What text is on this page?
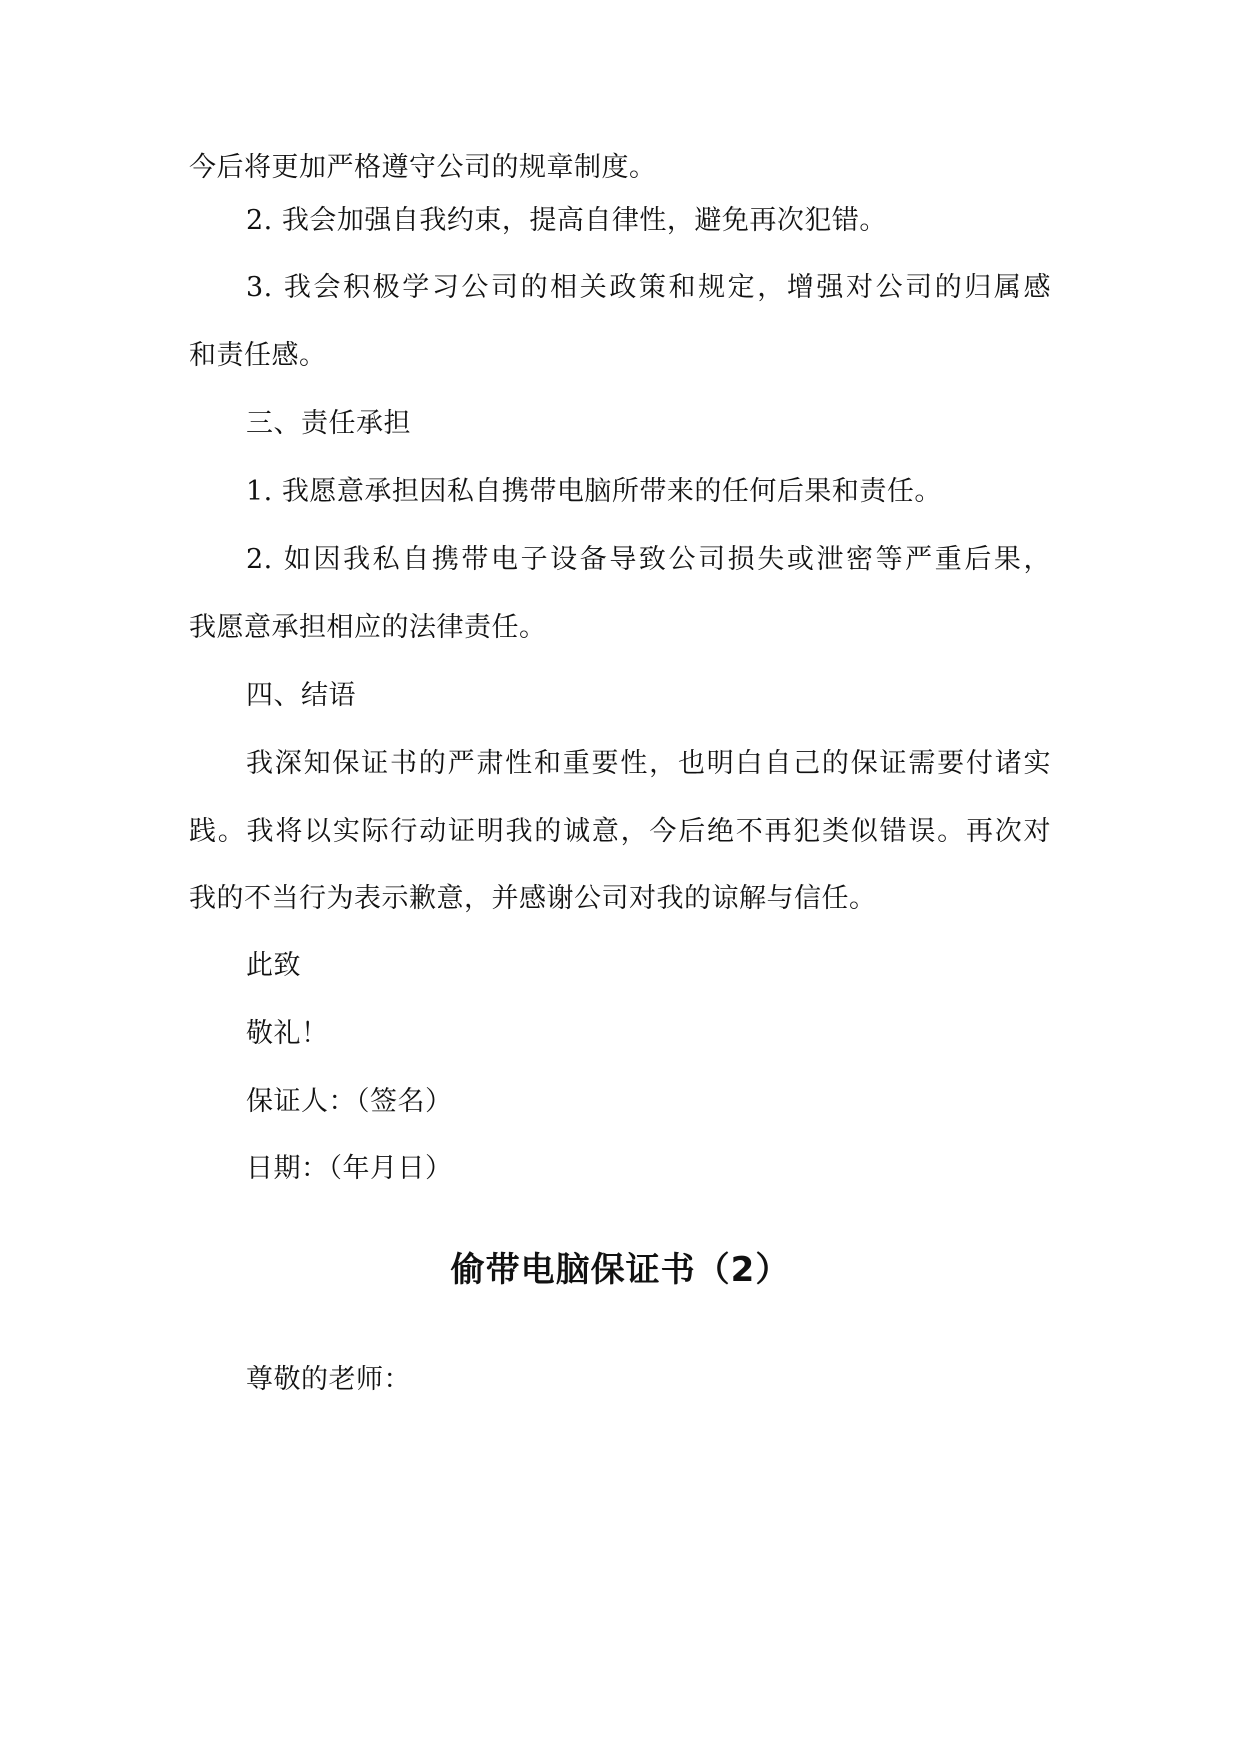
今后将更加严格遵守公司的规章制度。
2. 我会加强自我约束，提高自律性，避免再次犯错。
3. 我会积极学习公司的相关政策和规定，增强对公司的归属感
和责任感。
三、责任承担
1. 我愿意承担因私自携带电脑所带来的任何后果和责任。
2. 如因我私自携带电子设备导致公司损失或泄密等严重后果，
我愿意承担相应的法律责任。
四、结语
我深知保证书的严肃性和重要性，也明白自己的保证需要付诸实
践。我将以实际行动证明我的诚意，今后绝不再犯类似错误。再次对
我的不当行为表示歉意，并感谢公司对我的谅解与信任。
此致
敬礼！
保证人：（签名）
日期：（年月日）
偷带电脑保证书（2）
尊敬的老师：
